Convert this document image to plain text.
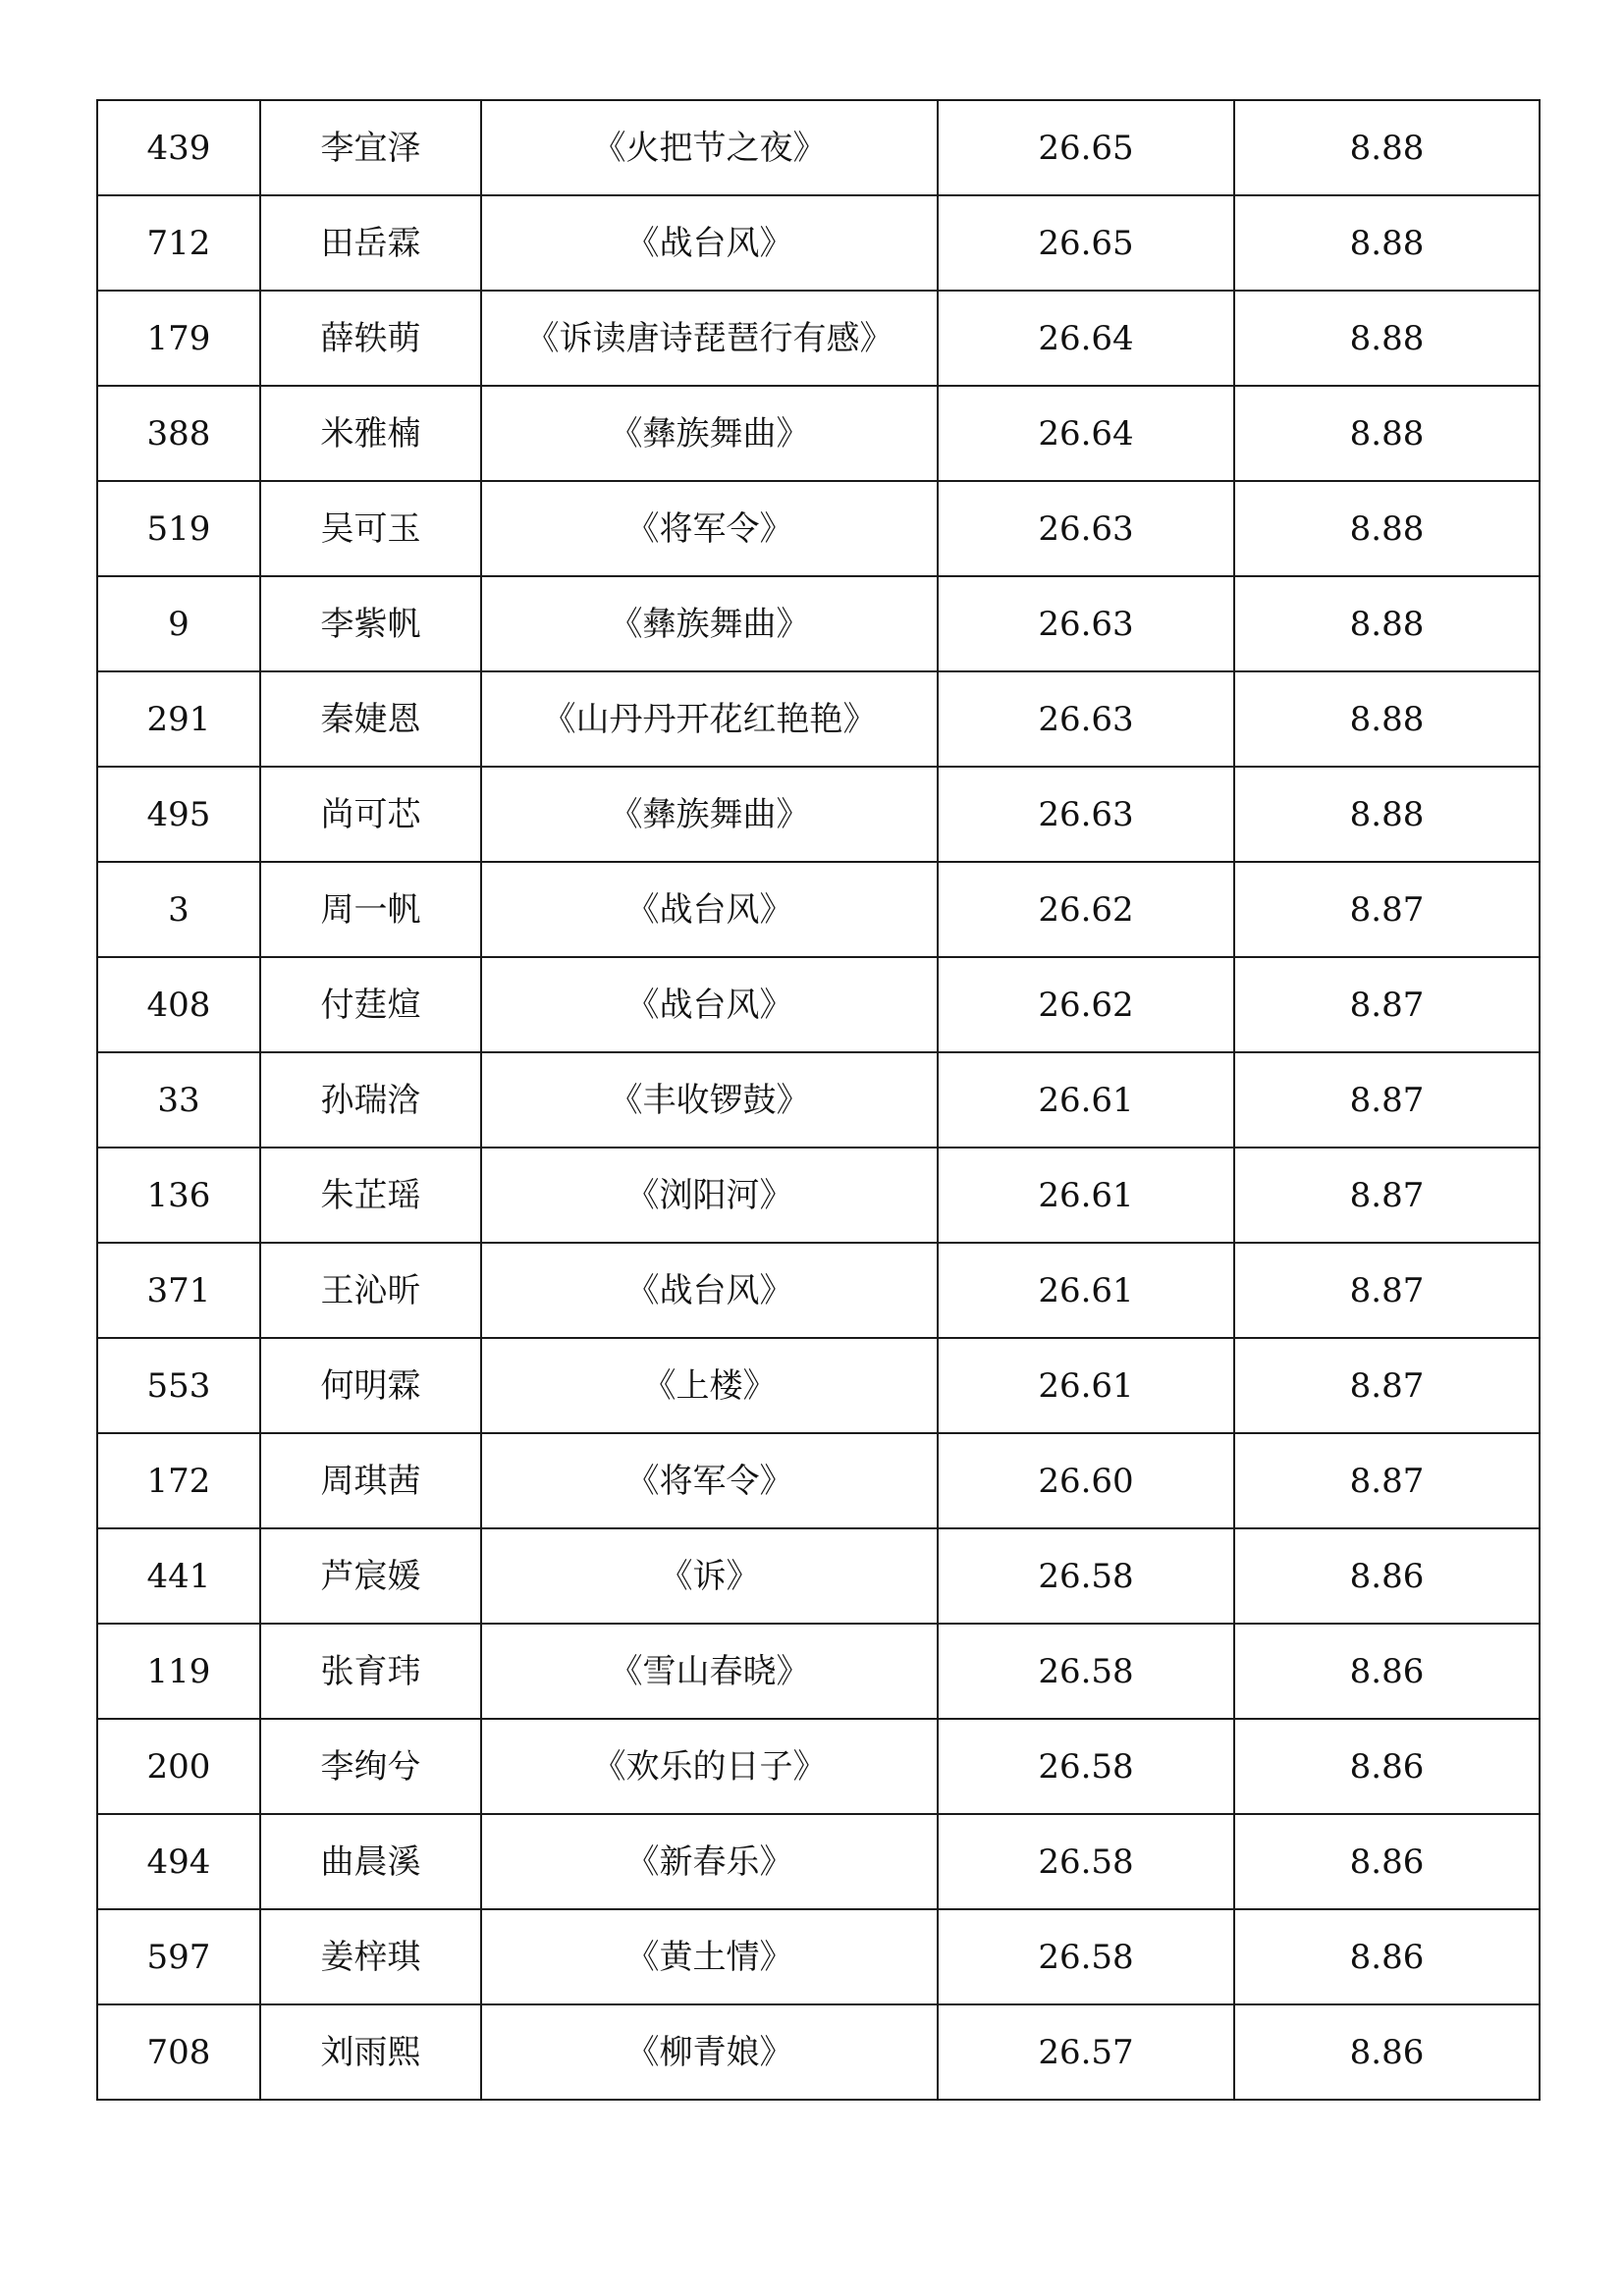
439	李宜泽	《火把节之夜》	26.65	8.88
712	田岳霖	《战台风》	26.65	8.88
179	薛轶萌	《诉读唐诗琵琶行有感》	26.64	8.88
388	米雅楠	《彝族舞曲》	26.64	8.88
519	吴可玉	《将军令》	26.63	8.88
9	李紫帆	《彝族舞曲》	26.63	8.88
291	秦婕恩	《山丹丹开花红艳艳》	26.63	8.88
495	尚可芯	《彝族舞曲》	26.63	8.88
3	周一帆	《战台风》	26.62	8.87
408	付莛煊	《战台风》	26.62	8.87
33	孙瑞浛	《丰收锣鼓》	26.61	8.87
136	朱芷瑶	《浏阳河》	26.61	8.87
371	王沁昕	《战台风》	26.61	8.87
553	何明霖	《上楼》	26.61	8.87
172	周琪茜	《将军令》	26.60	8.87
441	芦宸媛	《诉》	26.58	8.86
119	张育玮	《雪山春晓》	26.58	8.86
200	李绚兮	《欢乐的日子》	26.58	8.86
494	曲晨溪	《新春乐》	26.58	8.86
597	姜梓琪	《黄土情》	26.58	8.86
708	刘雨熙	《柳青娘》	26.57	8.86
